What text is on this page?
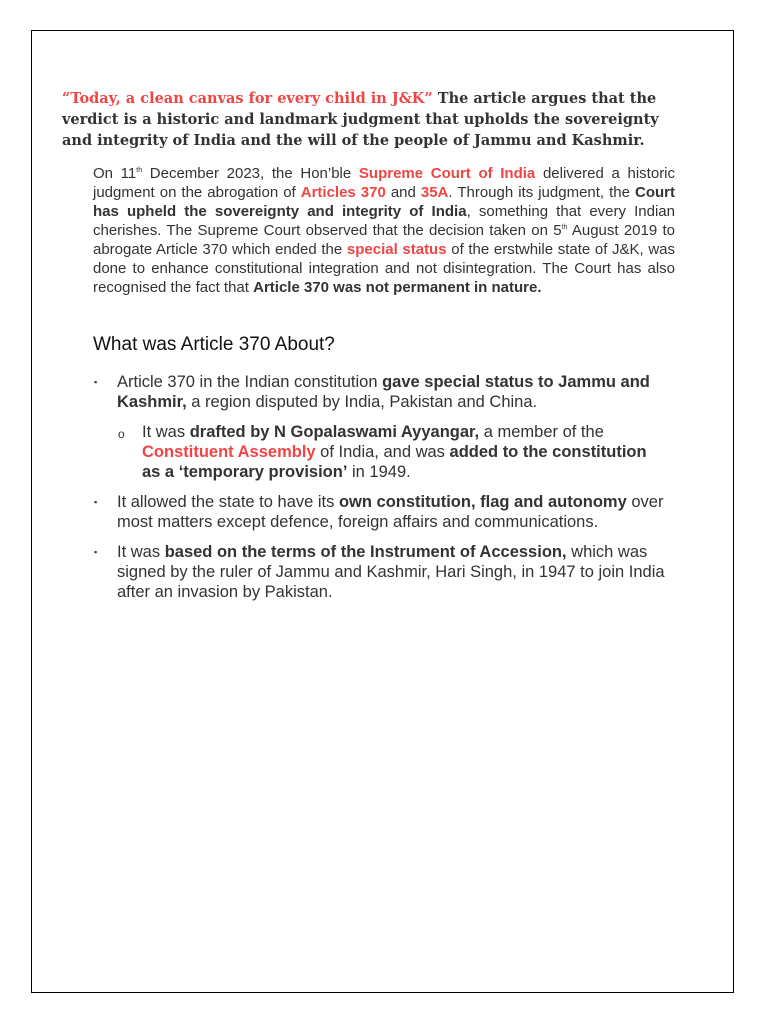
“Today, a clean canvas for every child in J&K” The article argues that the verdict is a historic and landmark judgment that upholds the sovereignty and integrity of India and the will of the people of Jammu and Kashmir.
On 11th December 2023, the Hon’ble Supreme Court of India delivered a historic judgment on the abrogation of Articles 370 and 35A. Through its judgment, the Court has upheld the sovereignty and integrity of India, something that every Indian cherishes. The Supreme Court observed that the decision taken on 5th August 2019 to abrogate Article 370 which ended the special status of the erstwhile state of J&K, was done to enhance constitutional integration and not disintegration. The Court has also recognised the fact that Article 370 was not permanent in nature.
What was Article 370 About?
▪ Article 370 in the Indian constitution gave special status to Jammu and Kashmir, a region disputed by India, Pakistan and China.
o It was drafted by N Gopalaswami Ayyangar, a member of the Constituent Assembly of India, and was added to the constitution as a ‘temporary provision’ in 1949.
▪ It allowed the state to have its own constitution, flag and autonomy over most matters except defence, foreign affairs and communications.
▪ It was based on the terms of the Instrument of Accession, which was signed by the ruler of Jammu and Kashmir, Hari Singh, in 1947 to join India after an invasion by Pakistan.
